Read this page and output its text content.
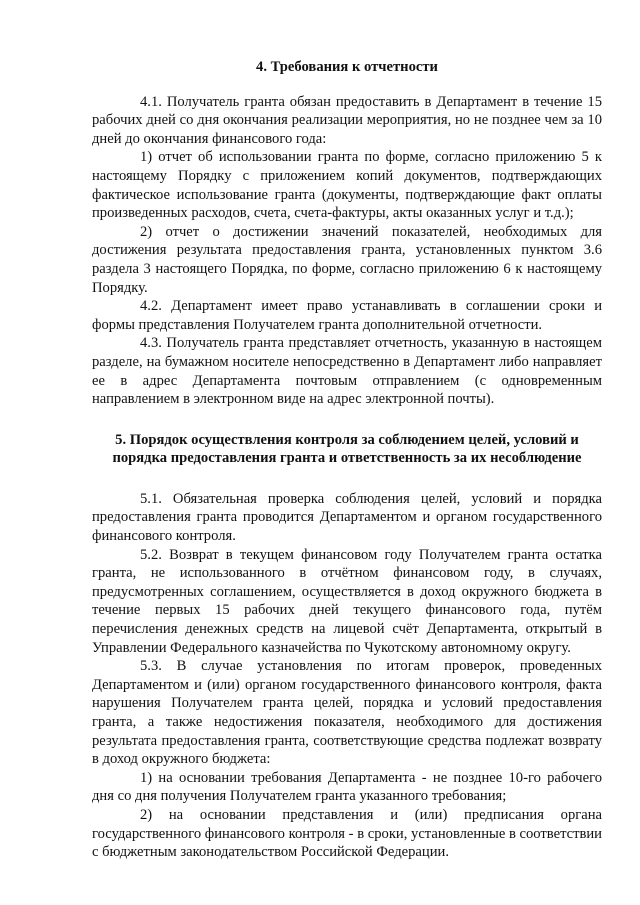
4. Требования к отчетности

4.1. Получатель гранта обязан предоставить в Департамент в течение 15 рабочих дней со дня окончания реализации мероприятия, но не позднее чем за 10 дней до окончания финансового года:

1) отчет об использовании гранта по форме, согласно приложению 5 к настоящему Порядку с приложением копий документов, подтверждающих фактическое использование гранта (документы, подтверждающие факт оплаты произведенных расходов, счета, счета-фактуры, акты оказанных услуг и т.д.);

2) отчет о достижении значений показателей, необходимых для достижения результата предоставления гранта, установленных пунктом 3.6 раздела 3 настоящего Порядка, по форме, согласно приложению 6 к настоящему Порядку.

4.2. Департамент имеет право устанавливать в соглашении сроки и формы представления Получателем гранта дополнительной отчетности.

4.3. Получатель гранта представляет отчетность, указанную в настоящем разделе, на бумажном носителе непосредственно в Департамент либо направляет ее в адрес Департамента почтовым отправлением (с одновременным направлением в электронном виде на адрес электронной почты).

5. Порядок осуществления контроля за соблюдением целей, условий и порядка предоставления гранта и ответственность за их несоблюдение

5.1. Обязательная проверка соблюдения целей, условий и порядка предоставления гранта проводится Департаментом и органом государственного финансового контроля.

5.2. Возврат в текущем финансовом году Получателем гранта остатка гранта, не использованного в отчётном финансовом году, в случаях, предусмотренных соглашением, осуществляется в доход окружного бюджета в течение первых 15 рабочих дней текущего финансового года, путём перечисления денежных средств на лицевой счёт Департамента, открытый в Управлении Федерального казначейства по Чукотскому автономному округу.

5.3. В случае установления по итогам проверок, проведенных Департаментом и (или) органом государственного финансового контроля, факта нарушения Получателем гранта целей, порядка и условий предоставления гранта, а также недостижения показателя, необходимого для достижения результата предоставления гранта, соответствующие средства подлежат возврату в доход окружного бюджета:

1) на основании требования Департамента - не позднее 10-го рабочего дня со дня получения Получателем гранта указанного требования;

2) на основании представления и (или) предписания органа государственного финансового контроля - в сроки, установленные в соответствии с бюджетным законодательством Российской Федерации.
